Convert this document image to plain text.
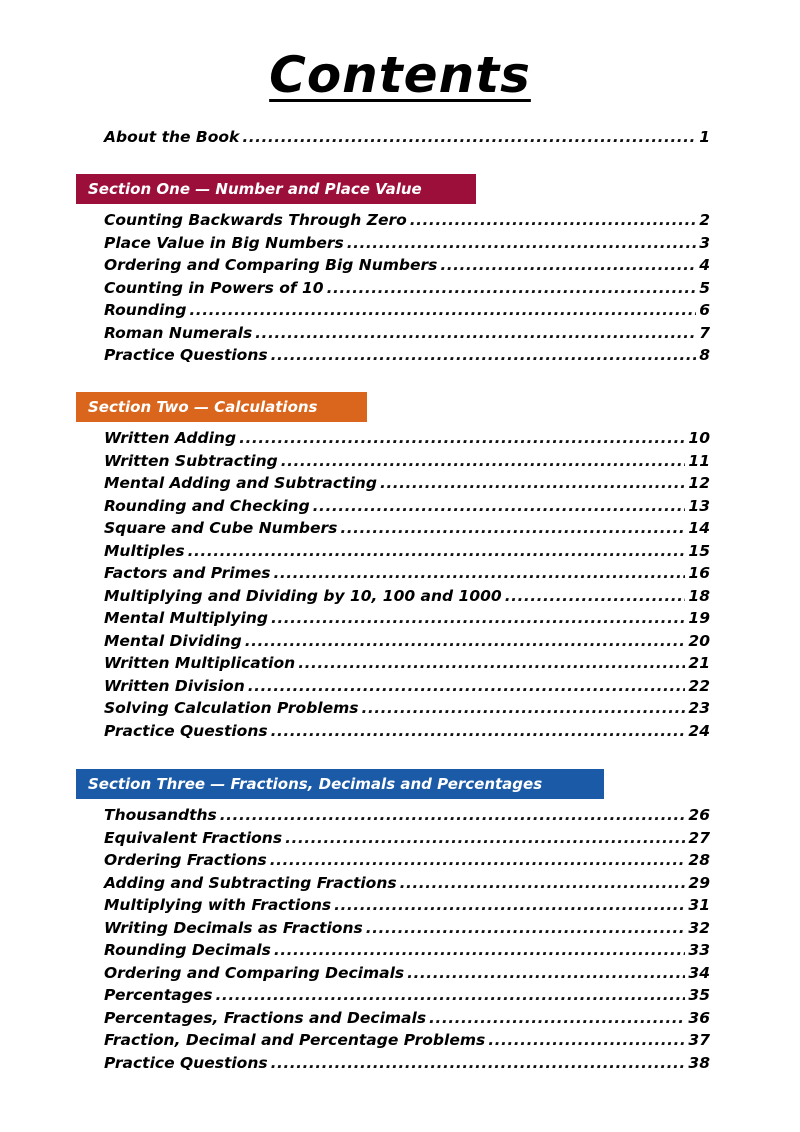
Contents
About the Book .....	1
Section One — Number and Place Value
Counting Backwards Through Zero .....	2
Place Value in Big Numbers .....	3
Ordering and Comparing Big Numbers .....	4
Counting in Powers of 10 .....	5
Rounding .....	6
Roman Numerals .....	7
Practice Questions .....	8
Section Two — Calculations
Written Adding .....	10
Written Subtracting .....	11
Mental Adding and Subtracting .....	12
Rounding and Checking .....	13
Square and Cube Numbers .....	14
Multiples .....	15
Factors and Primes .....	16
Multiplying and Dividing by 10, 100 and 1000 .....	18
Mental Multiplying .....	19
Mental Dividing .....	20
Written Multiplication .....	21
Written Division .....	22
Solving Calculation Problems .....	23
Practice Questions .....	24
Section Three — Fractions, Decimals and Percentages
Thousandths .....	26
Equivalent Fractions .....	27
Ordering Fractions .....	28
Adding and Subtracting Fractions .....	29
Multiplying with Fractions .....	31
Writing Decimals as Fractions .....	32
Rounding Decimals .....	33
Ordering and Comparing Decimals .....	34
Percentages .....	35
Percentages, Fractions and Decimals .....	36
Fraction, Decimal and Percentage Problems .....	37
Practice Questions .....	38
